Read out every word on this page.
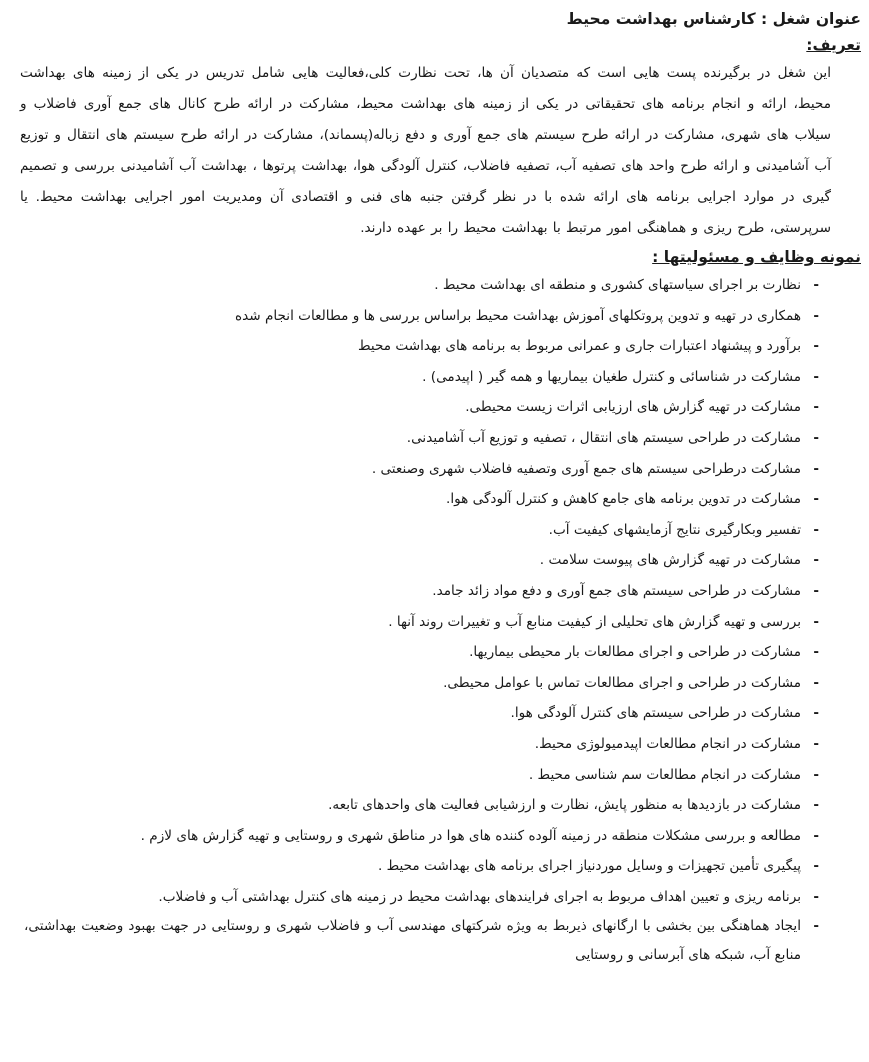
عنوان شغل : کارشناس بهداشت محیط
تعریف:

این شغل در برگیرنده پست هایی است که متصدیان آن ها، تحت نظارت کلی،فعالیت هایی شامل تدریس در یکی از زمینه های بهداشت محیط، ارائه و انجام برنامه های تحقیقاتی در یکی از زمینه های بهداشت محیط، مشارکت در ارائه طرح کانال های جمع آوری فاضلاب و سیلاب های شهری، مشارکت در ارائه طرح سیستم های جمع آوری و دفع زباله(پسماند)، مشارکت در ارائه طرح سیستم های انتقال و توزیع آب آشامیدنی و ارائه طرح واحد های تصفیه آب، تصفیه فاضلاب، کنترل آلودگی هوا، بهداشت پرتوها ، بهداشت آب آشامیدنی بررسی و تصمیم گیری در موارد اجرایی برنامه های ارائه شده با در نظر گرفتن جنبه های فنی و اقتصادی آن ومدیریت امور اجرایی بهداشت محیط. یا سرپرستی، طرح ریزی و هماهنگی امور مرتبط با بهداشت محیط را بر عهده دارند.

نمونه وظایف و مسئولیتها :
-
نظارت بر اجرای سیاستهای کشوری و منطقه ای بهداشت محیط .
-
همکاری در تهیه و تدوین پروتکلهای آموزش بهداشت محیط براساس بررسی ها و مطالعات انجام شده
-
برآورد و پیشنهاد اعتبارات جاری و عمرانی مربوط به برنامه های بهداشت محیط
-
مشارکت در شناسائی و کنترل طغیان بیماریها و همه گیر ( اپیدمی) .
-
مشارکت در تهیه گزارش های ارزیابی اثرات زیست محیطی.
-
مشارکت در طراحی سیستم های انتقال ، تصفیه و توزیع آب آشامیدنی.
-
مشارکت درطراحی سیستم های جمع آوری وتصفیه فاضلاب شهری وصنعتی .
-
مشارکت در تدوین برنامه های جامع کاهش و کنترل آلودگی هوا.
-
تفسیر وبکارگیری نتایج آزمایشهای کیفیت آب.
-
مشارکت در تهیه گزارش های پیوست سلامت .
-
مشارکت در طراحی سیستم های جمع آوری و دفع مواد زائد جامد.
-
بررسی و تهیه گزارش های تحلیلی از کیفیت منابع آب و تغییرات روند آنها .
-
مشارکت در طراحی و اجرای مطالعات بار محیطی بیماریها.
-
مشارکت در طراحی و اجرای مطالعات تماس با عوامل محیطی.
-
مشارکت در طراحی سیستم های کنترل آلودگی هوا.
-
مشارکت در انجام مطالعات اپیدمیولوژی محیط.
-
مشارکت در انجام مطالعات سم شناسی محیط .
-
مشارکت در بازدیدها به منظور پایش، نظارت و ارزشیابی فعالیت های واحدهای تابعه.
-
مطالعه و بررسی مشکلات منطقه در زمینه آلوده کننده های هوا در مناطق شهری و روستایی و تهیه گزارش های لازم .
-
پیگیری تأمین تجهیزات و وسایل موردنیاز اجرای برنامه های بهداشت محیط .
-
برنامه ریزی و تعیین اهداف مربوط به اجرای فرایندهای بهداشت محیط در زمینه های کنترل بهداشتی آب و فاضلاب.
-
ایجاد هماهنگی بین بخشی با ارگانهای ذیربط به ویژه شرکتهای مهندسی آب و فاضلاب شهری و روستایی در جهت بهبود وضعیت بهداشتی، منابع آب، شبکه های آبرسانی و روستایی
